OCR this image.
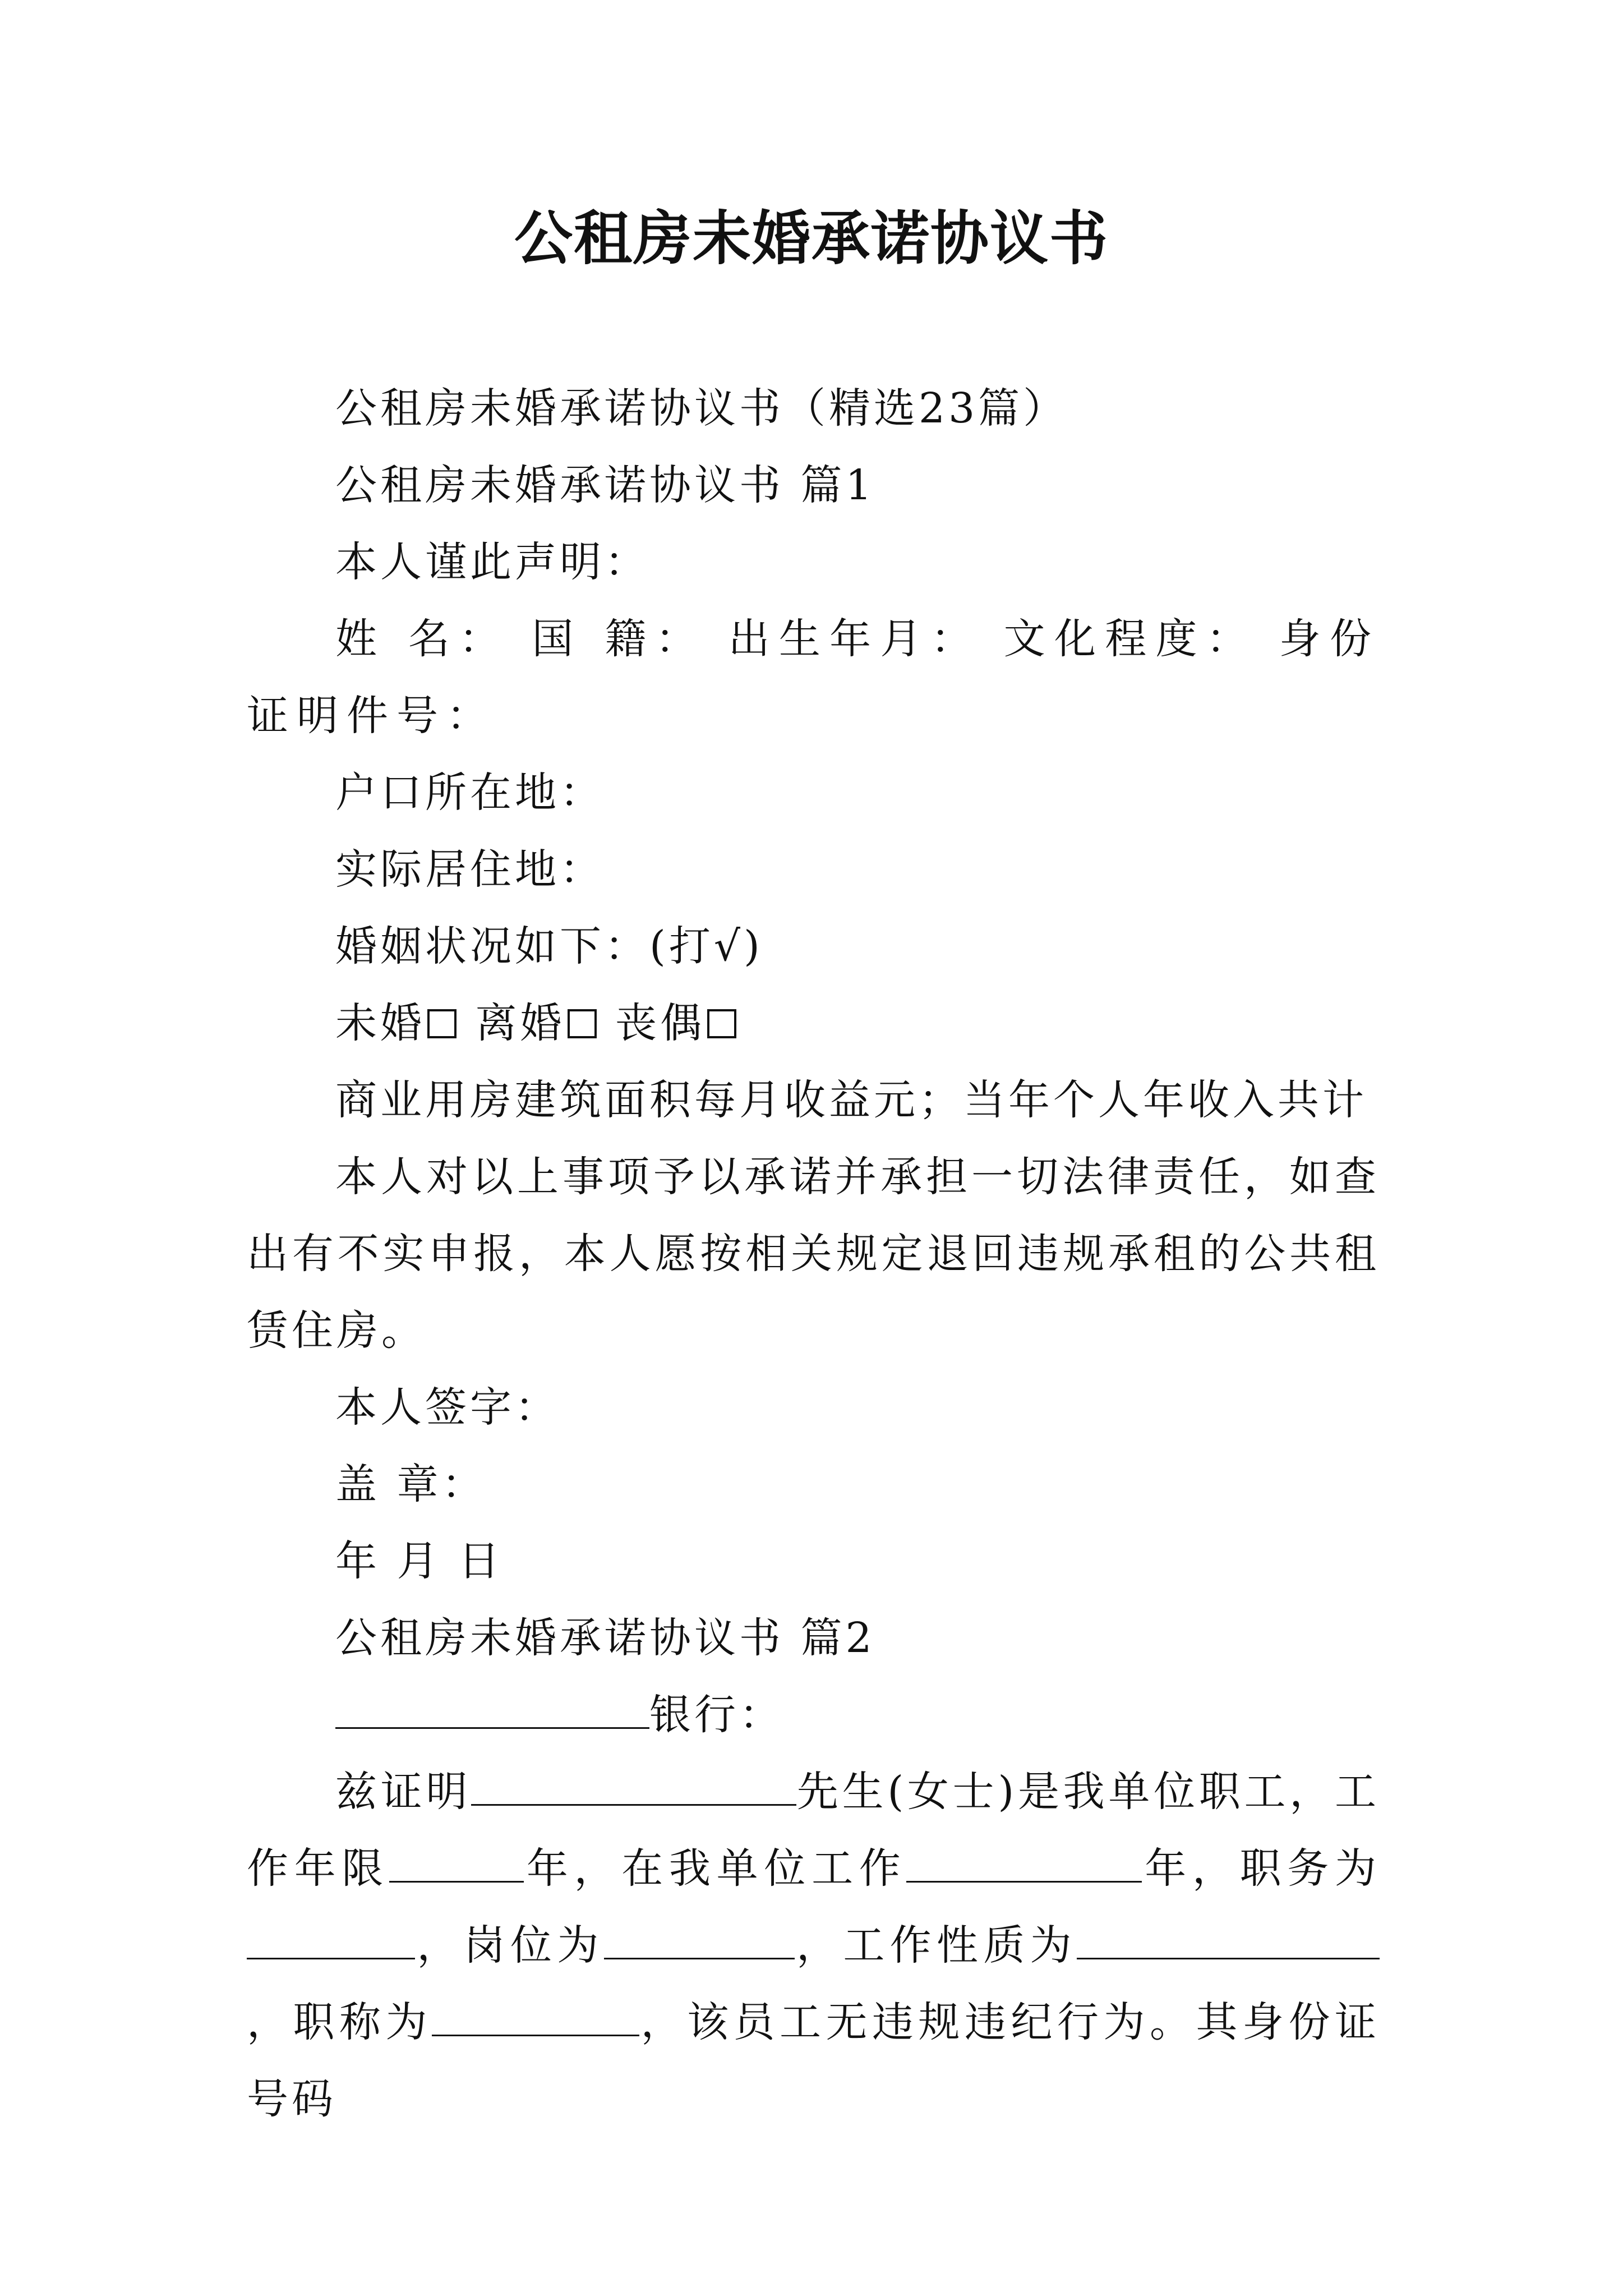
公租房未婚承诺协议书

公租房未婚承诺协议书（精选23篇）

公租房未婚承诺协议书 篇1

本人谨此声明：

姓 名： 国 籍： 出生年月： 文化程度： 身份证明件号：

户口所在地：

实际居住地：

婚姻状况如下：(打√)

未婚 离婚 丧偶

商业用房建筑面积每月收益元；当年个人年收入共计

本人对以上事项予以承诺并承担一切法律责任，如查出有不实申报，本人愿按相关规定退回违规承租的公共租赁住房。

本人签字：

盖 章：

年 月 日

公租房未婚承诺协议书 篇2

银行：

兹证明	先生(女士)是我单位职工，工作年限	年，在我单位工作	年，职务为，岗位为	，工作性质为，职称为	，该员工无违规违纪行为。其身份证号码
